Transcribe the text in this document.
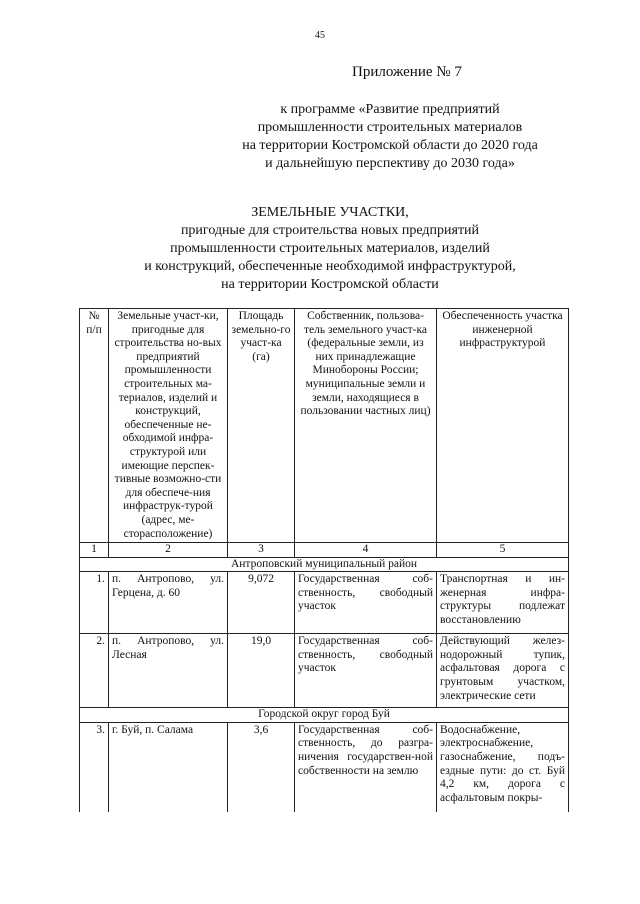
45
Приложение № 7
к программе «Развитие предприятий
промышленности строительных материалов
на территории Костромской области до 2020 года
и дальнейшую перспективу до 2030 года»
ЗЕМЕЛЬНЫЕ УЧАСТКИ,
пригодные для строительства новых предприятий
промышленности строительных материалов, изделий
и конструкций, обеспеченные необходимой инфраструктурой,
на территории Костромской области
№ п/п	Земельные участ-ки, пригодные для строительства но-вых предприятий промышленности строительных ма-териалов, изделий и конструкций, обеспеченные не-обходимой инфра-структурой или имеющие перспек-тивные возможно-сти для обеспече-ния инфраструк-турой (адрес, ме-стораcположение)	Площадь земельно-го участ-ка (га)	Собственник, пользова-тель земельного участ-ка (федеральные земли, из них принадлежащие Минобороны России; муниципальные земли и земли, находящиеся в пользовании частных лиц)	Обеспеченность участка инженерной инфраструктурой
1	2	3	4	5
Антроповский муниципальный район				
1.	п. Антропово, ул. Герцена, д. 60	9,072	Государственная соб-ственность, свободный участок	Транспортная и ин-женерная инфра-структуры подлежат восстановлению
2.	п. Антропово, ул. Лесная	19,0	Государственная соб-ственность, свободный участок	Действующий желез-нодорожный тупик, асфальтовая дорога с грунтовым участком, электрические сети
Городской округ город Буй				
3.	г. Буй, п. Салама	3,6	Государственная соб-ственность, до разгра-ничения государствен-ной собственности на землю	Водоснабжение, электроснабжение, газоснабжение, подъ-ездные пути: до ст. Буй 4,2 км, дорога с асфальтовым покры-
